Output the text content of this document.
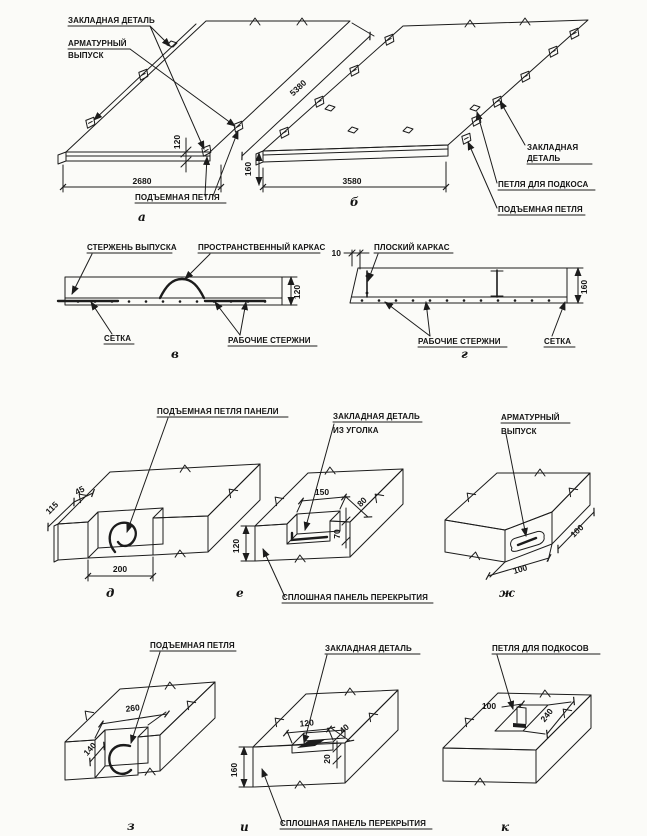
ЗАКЛАДНАЯ ДЕТАЛЬ
АРМАТУРНЫЙ
ВЫПУСК
ПОДЪЕМНАЯ ПЕТЛЯ
2680
5380
120
а
ЗАКЛАДНАЯ
ДЕТАЛЬ
ПЕТЛЯ ДЛЯ ПОДКОСА
ПОДЪЕМНАЯ ПЕТЛЯ
160
3580
б
СТЕРЖЕНЬ ВЫПУСКА	ПРОСТРАНСТВЕННЫЙ КАРКАС
СЕТКА	РАБОЧИЕ СТЕРЖНИ
120
в
10
ПЛОСКИЙ КАРКАС
РАБОЧИЕ СТЕРЖНИ	СЕТКА
160
г
ПОДЪЕМНАЯ ПЕТЛЯ ПАНЕЛИ
115
45
200
д
ЗАКЛАДНАЯ ДЕТАЛЬ
ИЗ УГОЛКА
150
80
70
120
СПЛОШНАЯ ПАНЕЛЬ ПЕРЕКРЫТИЯ
е
АРМАТУРНЫЙ
ВЫПУСК
100
100
ж
ПОДЪЕМНАЯ ПЕТЛЯ
260
140
з
ЗАКЛАДНАЯ ДЕТАЛЬ
120	40
20
160
СПЛОШНАЯ ПАНЕЛЬ ПЕРЕКРЫТИЯ
и
ПЕТЛЯ ДЛЯ ПОДКОСОВ
100
240
к
